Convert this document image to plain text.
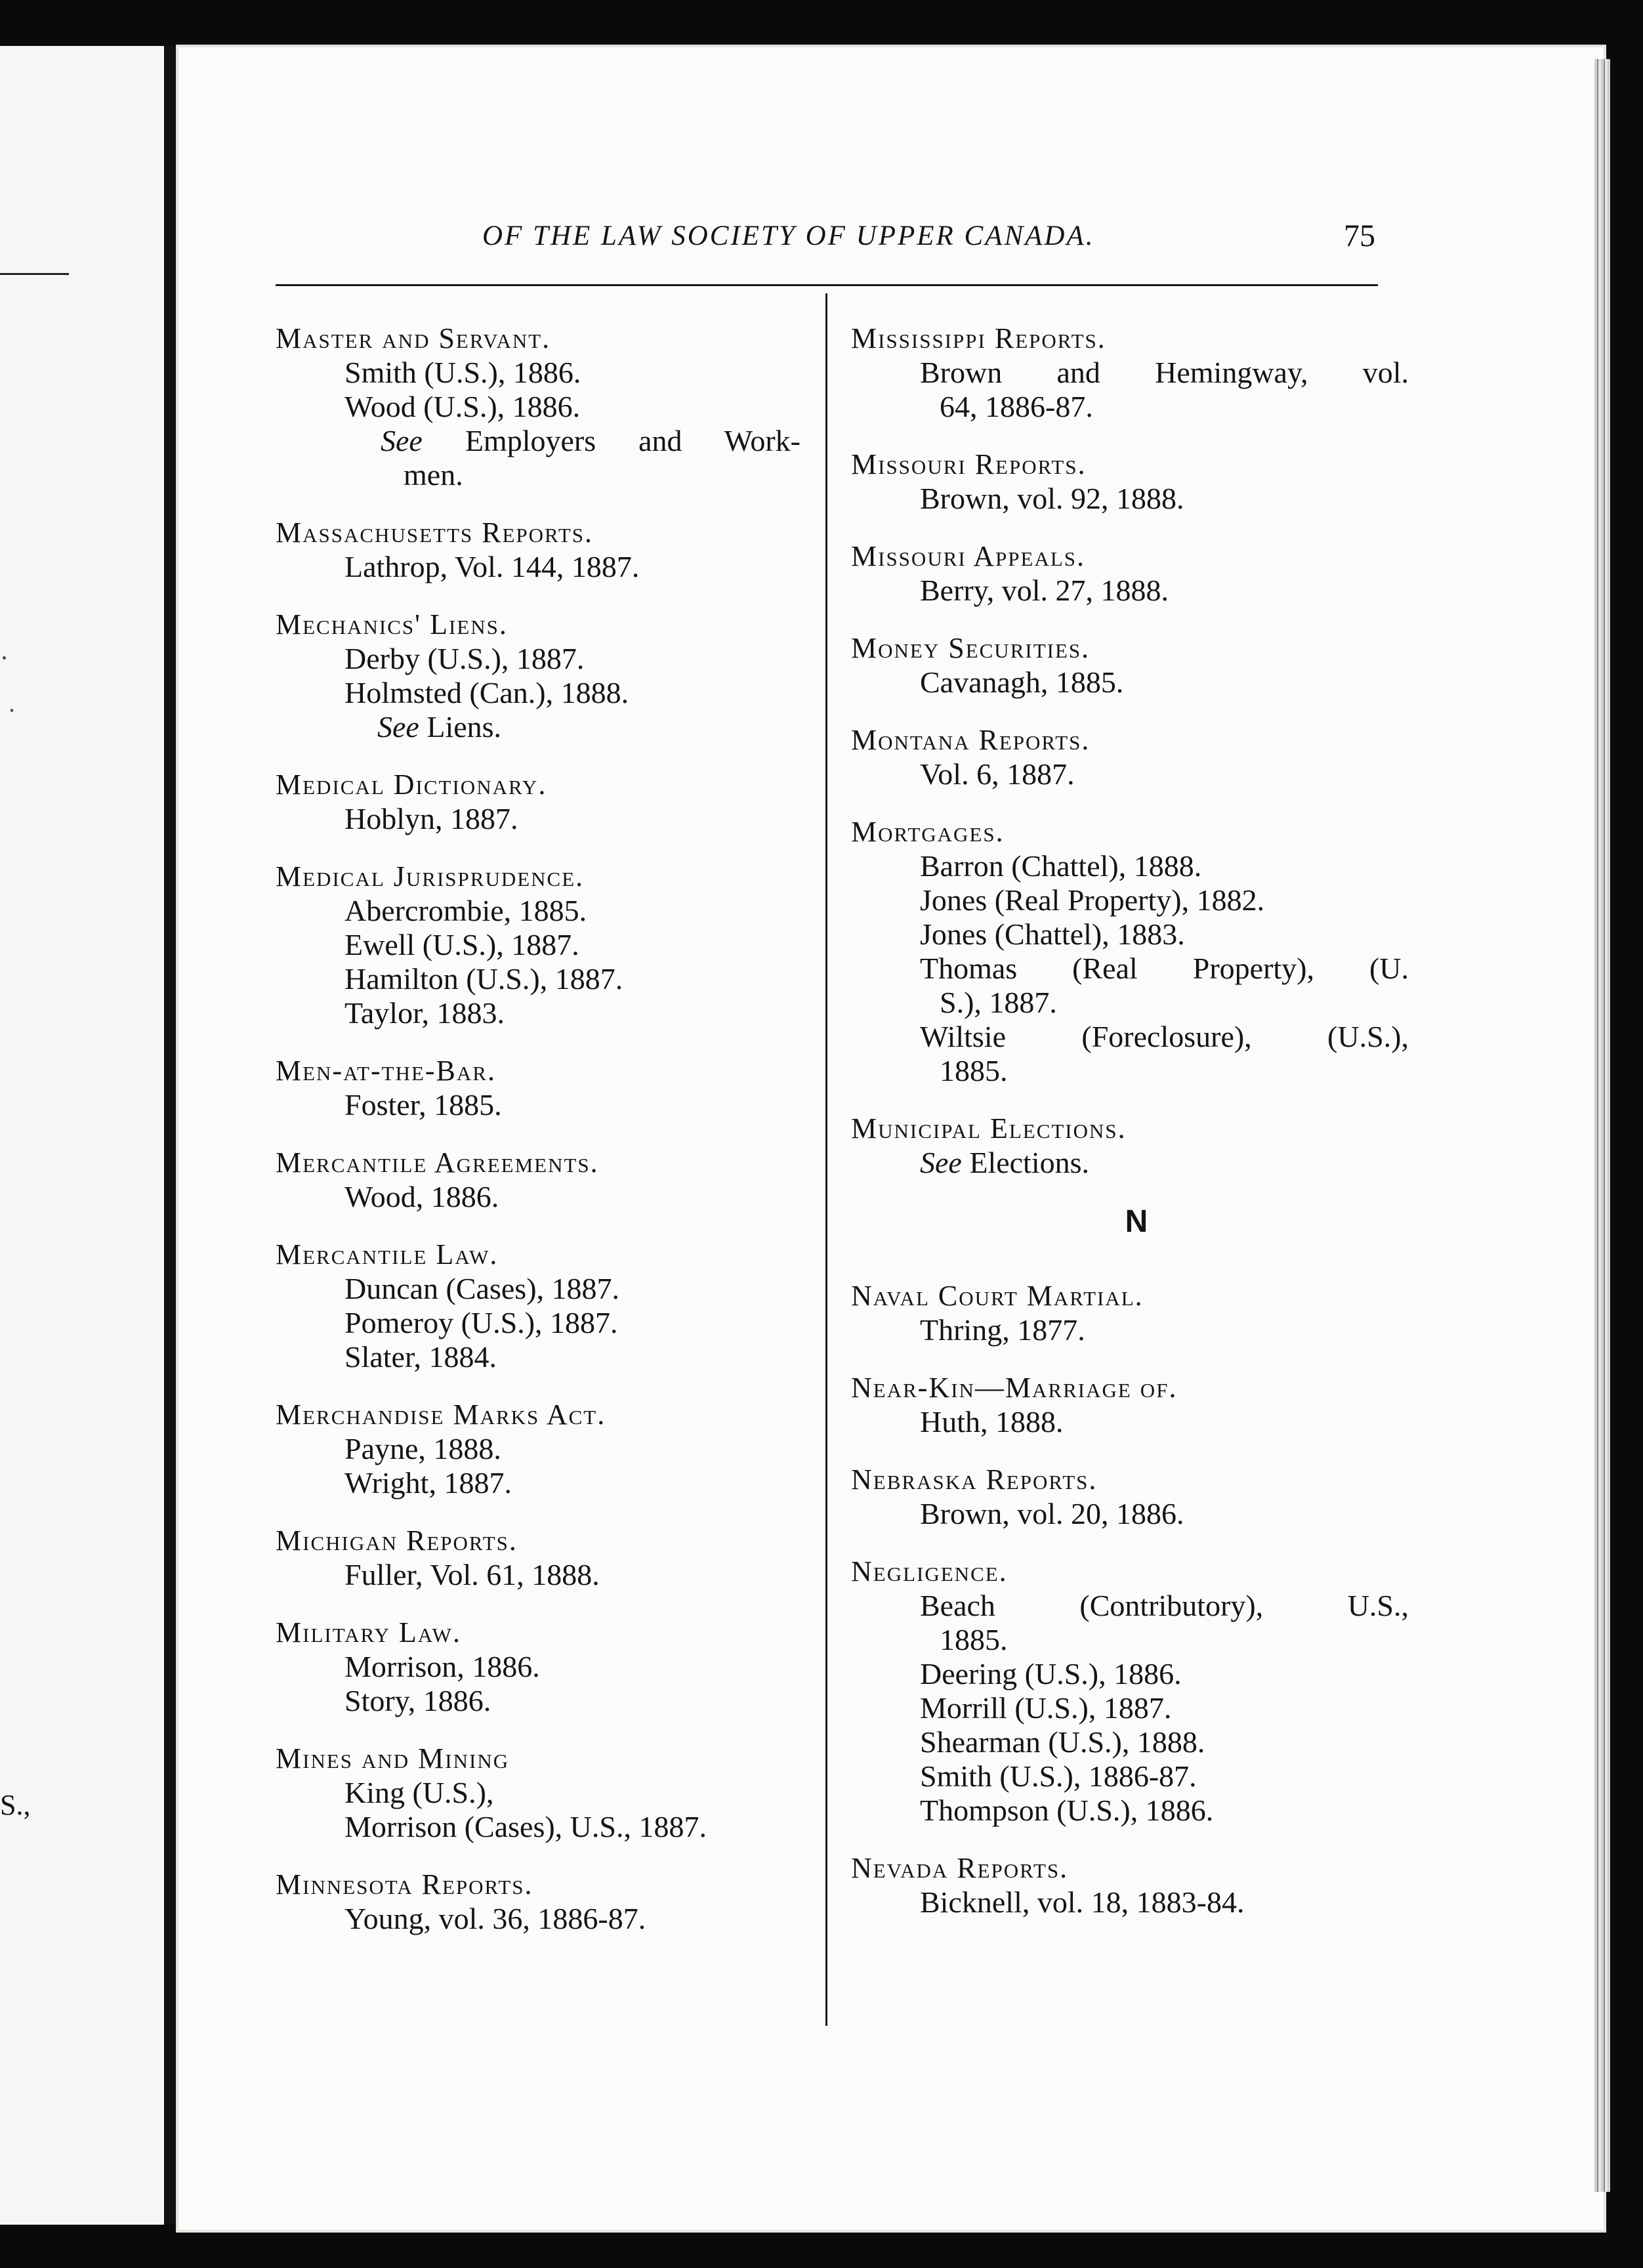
S.,
OF THE LAW SOCIETY OF UPPER CANADA.	75
Master and Servant.
Smith (U.S.), 1886.
Wood (U.S.), 1886.
See Employers and Work-
men.
Massachusetts Reports.
Lathrop, Vol. 144, 1887.
Mechanics' Liens.
Derby (U.S.), 1887.
Holmsted (Can.), 1888.
See Liens.
Medical Dictionary.
Hoblyn, 1887.
Medical Jurisprudence.
Abercrombie, 1885.
Ewell (U.S.), 1887.
Hamilton (U.S.), 1887.
Taylor, 1883.
Men-at-the-Bar.
Foster, 1885.
Mercantile Agreements.
Wood, 1886.
Mercantile Law.
Duncan (Cases), 1887.
Pomeroy (U.S.), 1887.
Slater, 1884.
Merchandise Marks Act.
Payne, 1888.
Wright, 1887.
Michigan Reports.
Fuller, Vol. 61, 1888.
Military Law.
Morrison, 1886.
Story, 1886.
Mines and Mining
King (U.S.),
Morrison (Cases), U.S., 1887.
Minnesota Reports.
Young, vol. 36, 1886-87.
Mississippi Reports.
Brown and Hemingway, vol.
64, 1886-87.
Missouri Reports.
Brown, vol. 92, 1888.
Missouri Appeals.
Berry, vol. 27, 1888.
Money Securities.
Cavanagh, 1885.
Montana Reports.
Vol. 6, 1887.
Mortgages.
Barron (Chattel), 1888.
Jones (Real Property), 1882.
Jones (Chattel), 1883.
Thomas (Real Property), (U.
S.), 1887.
Wiltsie (Foreclosure), (U.S.),
1885.
Municipal Elections.
See Elections.
N
Naval Court Martial.
Thring, 1877.
Near-Kin—Marriage of.
Huth, 1888.
Nebraska Reports.
Brown, vol. 20, 1886.
Negligence.
Beach (Contributory), U.S.,
1885.
Deering (U.S.), 1886.
Morrill (U.S.), 1887.
Shearman (U.S.), 1888.
Smith (U.S.), 1886-87.
Thompson (U.S.), 1886.
Nevada Reports.
Bicknell, vol. 18, 1883-84.
